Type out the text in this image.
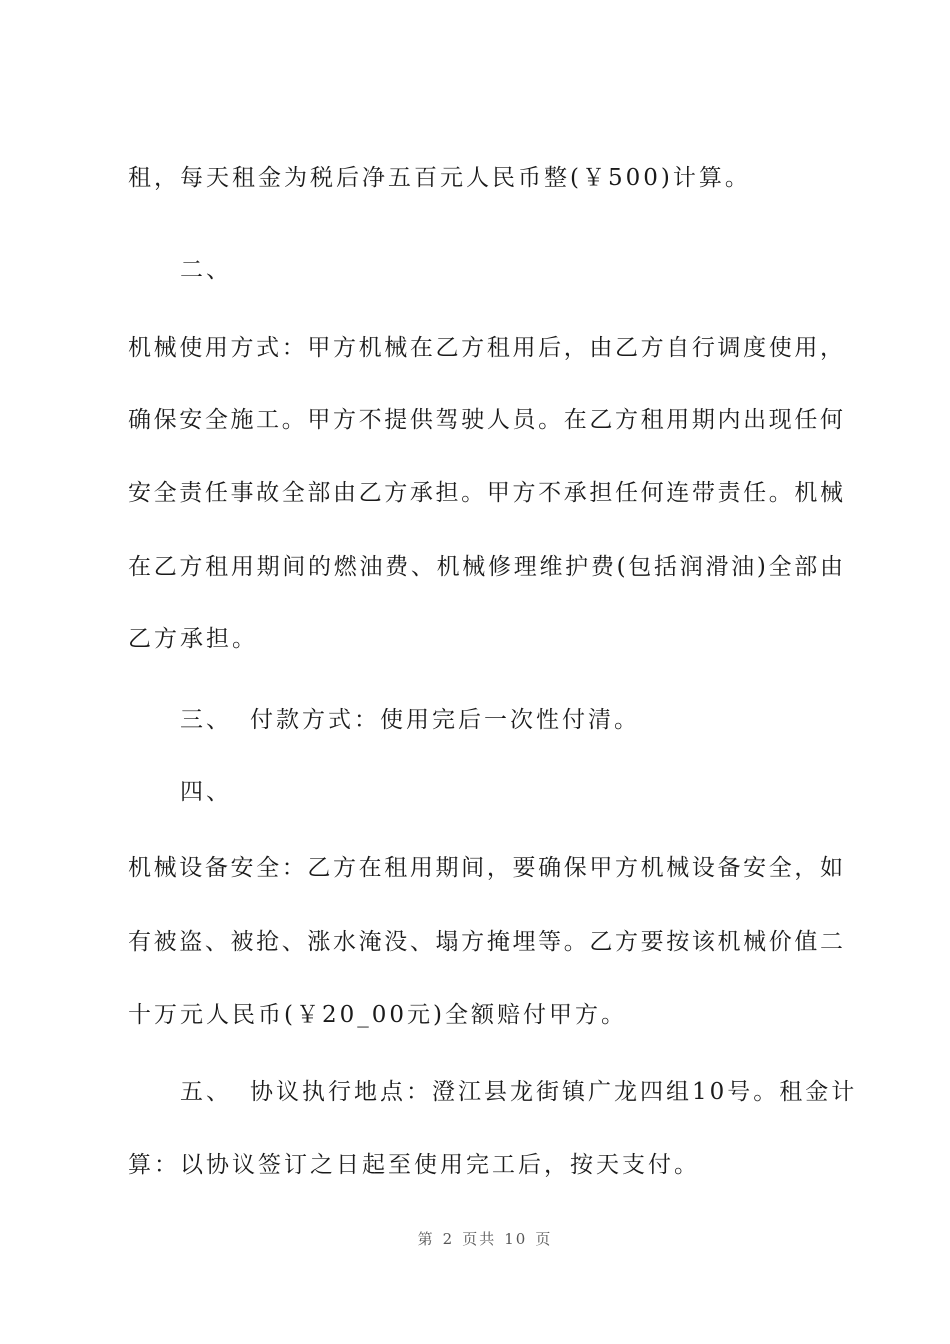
租，每天租金为税后净五百元人民币整(￥500)计算。
二、
机械使用方式：甲方机械在乙方租用后，由乙方自行调度使用，
确保安全施工。甲方不提供驾驶人员。在乙方租用期内出现任何
安全责任事故全部由乙方承担。甲方不承担任何连带责任。机械
在乙方租用期间的燃油费、机械修理维护费(包括润滑油)全部由
乙方承担。
三、 付款方式：使用完后一次性付清。
四、
机械设备安全：乙方在租用期间，要确保甲方机械设备安全，如
有被盗、被抢、涨水淹没、塌方掩埋等。乙方要按该机械价值二
十万元人民币(￥20_00元)全额赔付甲方。
五、 协议执行地点：澄江县龙街镇广龙四组10号。租金计
算：以协议签订之日起至使用完工后，按天支付。
第 2 页共 10 页
